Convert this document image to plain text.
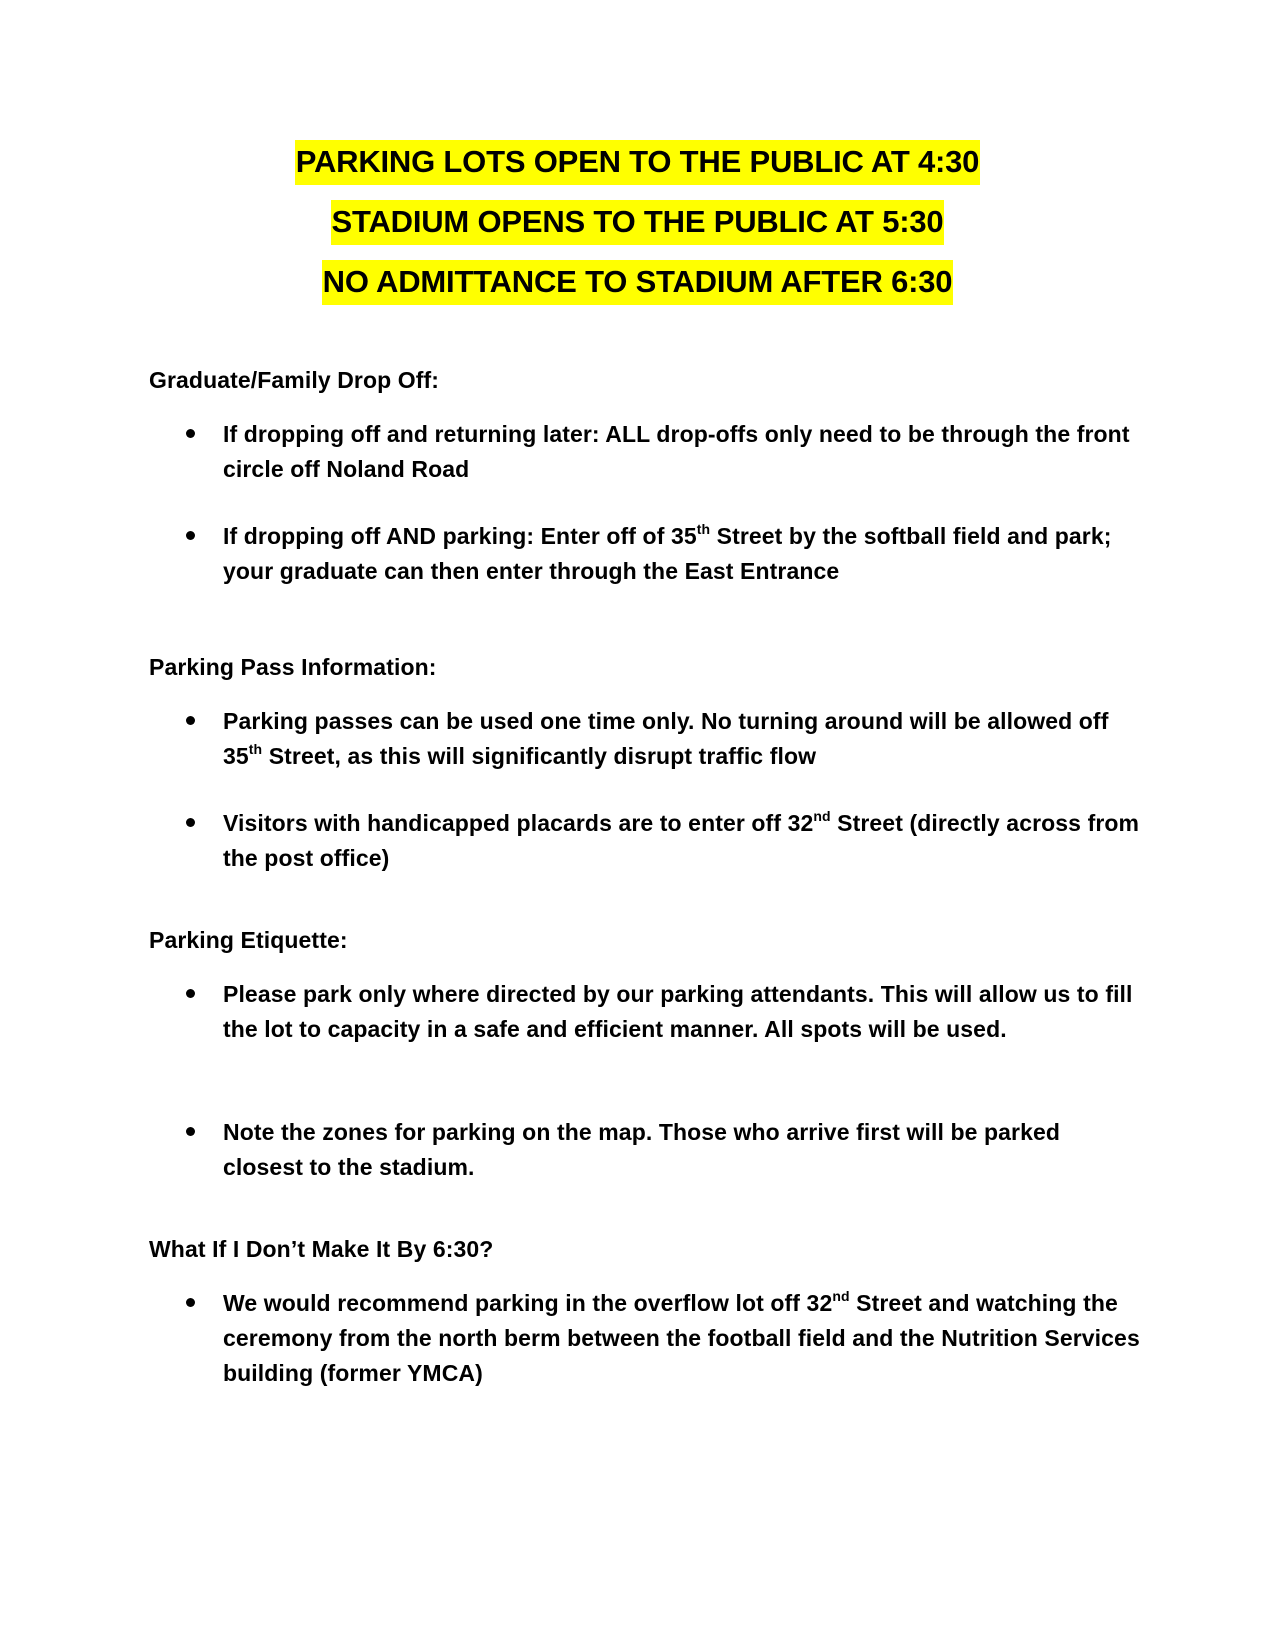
PARKING LOTS OPEN TO THE PUBLIC AT 4:30
STADIUM OPENS TO THE PUBLIC AT 5:30
NO ADMITTANCE TO STADIUM AFTER 6:30
Graduate/Family Drop Off:
If dropping off and returning later: ALL drop-offs only need to be through the front circle off Noland Road
If dropping off AND parking: Enter off of 35th Street by the softball field and park; your graduate can then enter through the East Entrance
Parking Pass Information:
Parking passes can be used one time only. No turning around will be allowed off 35th Street, as this will significantly disrupt traffic flow
Visitors with handicapped placards are to enter off 32nd Street (directly across from the post office)
Parking Etiquette:
Please park only where directed by our parking attendants. This will allow us to fill the lot to capacity in a safe and efficient manner. All spots will be used.
Note the zones for parking on the map. Those who arrive first will be parked closest to the stadium.
What If I Don’t Make It By 6:30?
We would recommend parking in the overflow lot off 32nd Street and watching the ceremony from the north berm between the football field and the Nutrition Services building (former YMCA)
